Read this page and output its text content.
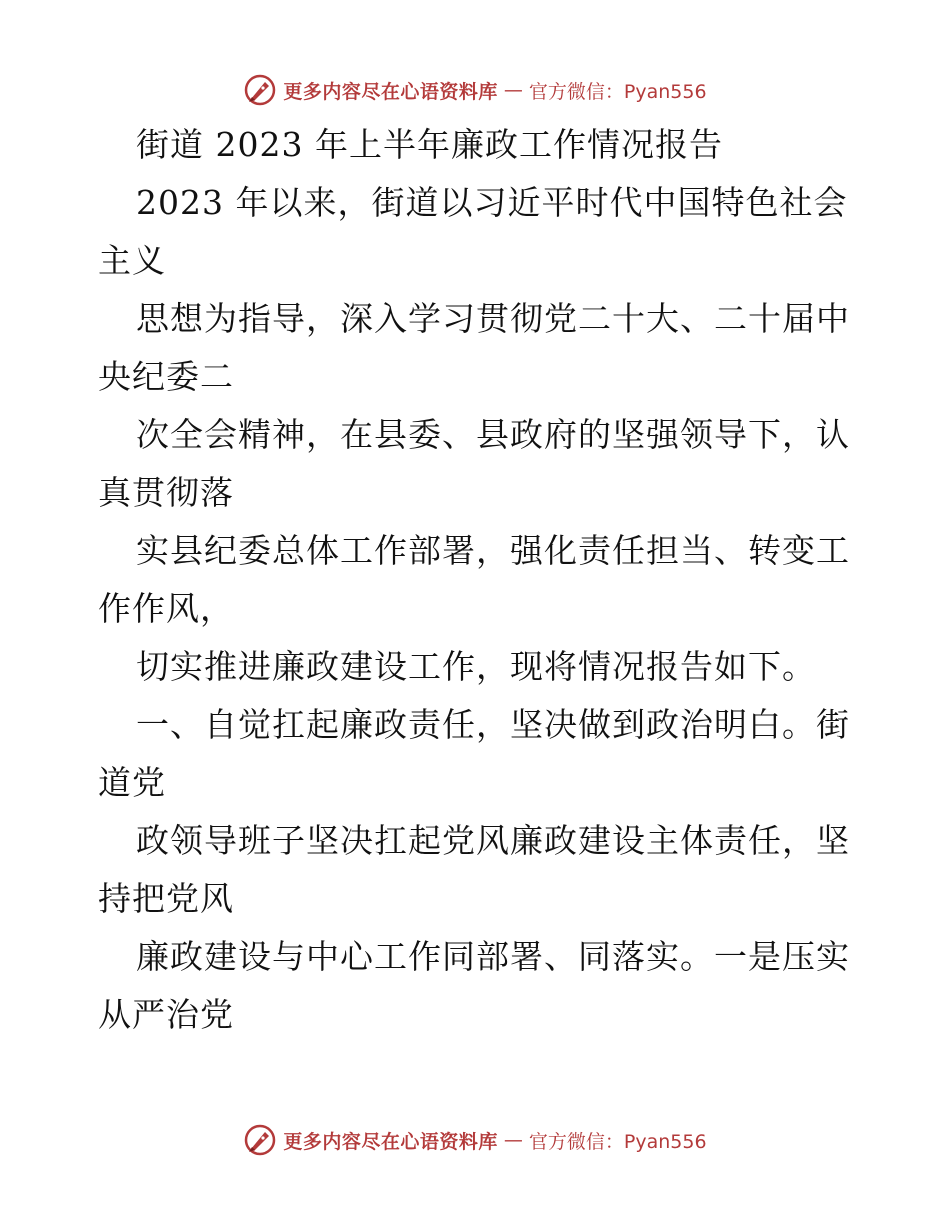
更多内容尽在心语资料库 — 官方微信：Pyan556
街道 2023 年上半年廉政工作情况报告
2023 年以来，街道以习近平时代中国特色社会
主义
思想为指导，深入学习贯彻党二十大、二十届中
央纪委二
次全会精神，在县委、县政府的坚强领导下，认
真贯彻落
实县纪委总体工作部署，强化责任担当、转变工
作作风，
切实推进廉政建设工作，现将情况报告如下。
一、自觉扛起廉政责任，坚决做到政治明白。街
道党
政领导班子坚决扛起党风廉政建设主体责任，坚
持把党风
廉政建设与中心工作同部署、同落实。一是压实
从严治党
更多内容尽在心语资料库 — 官方微信：Pyan556
